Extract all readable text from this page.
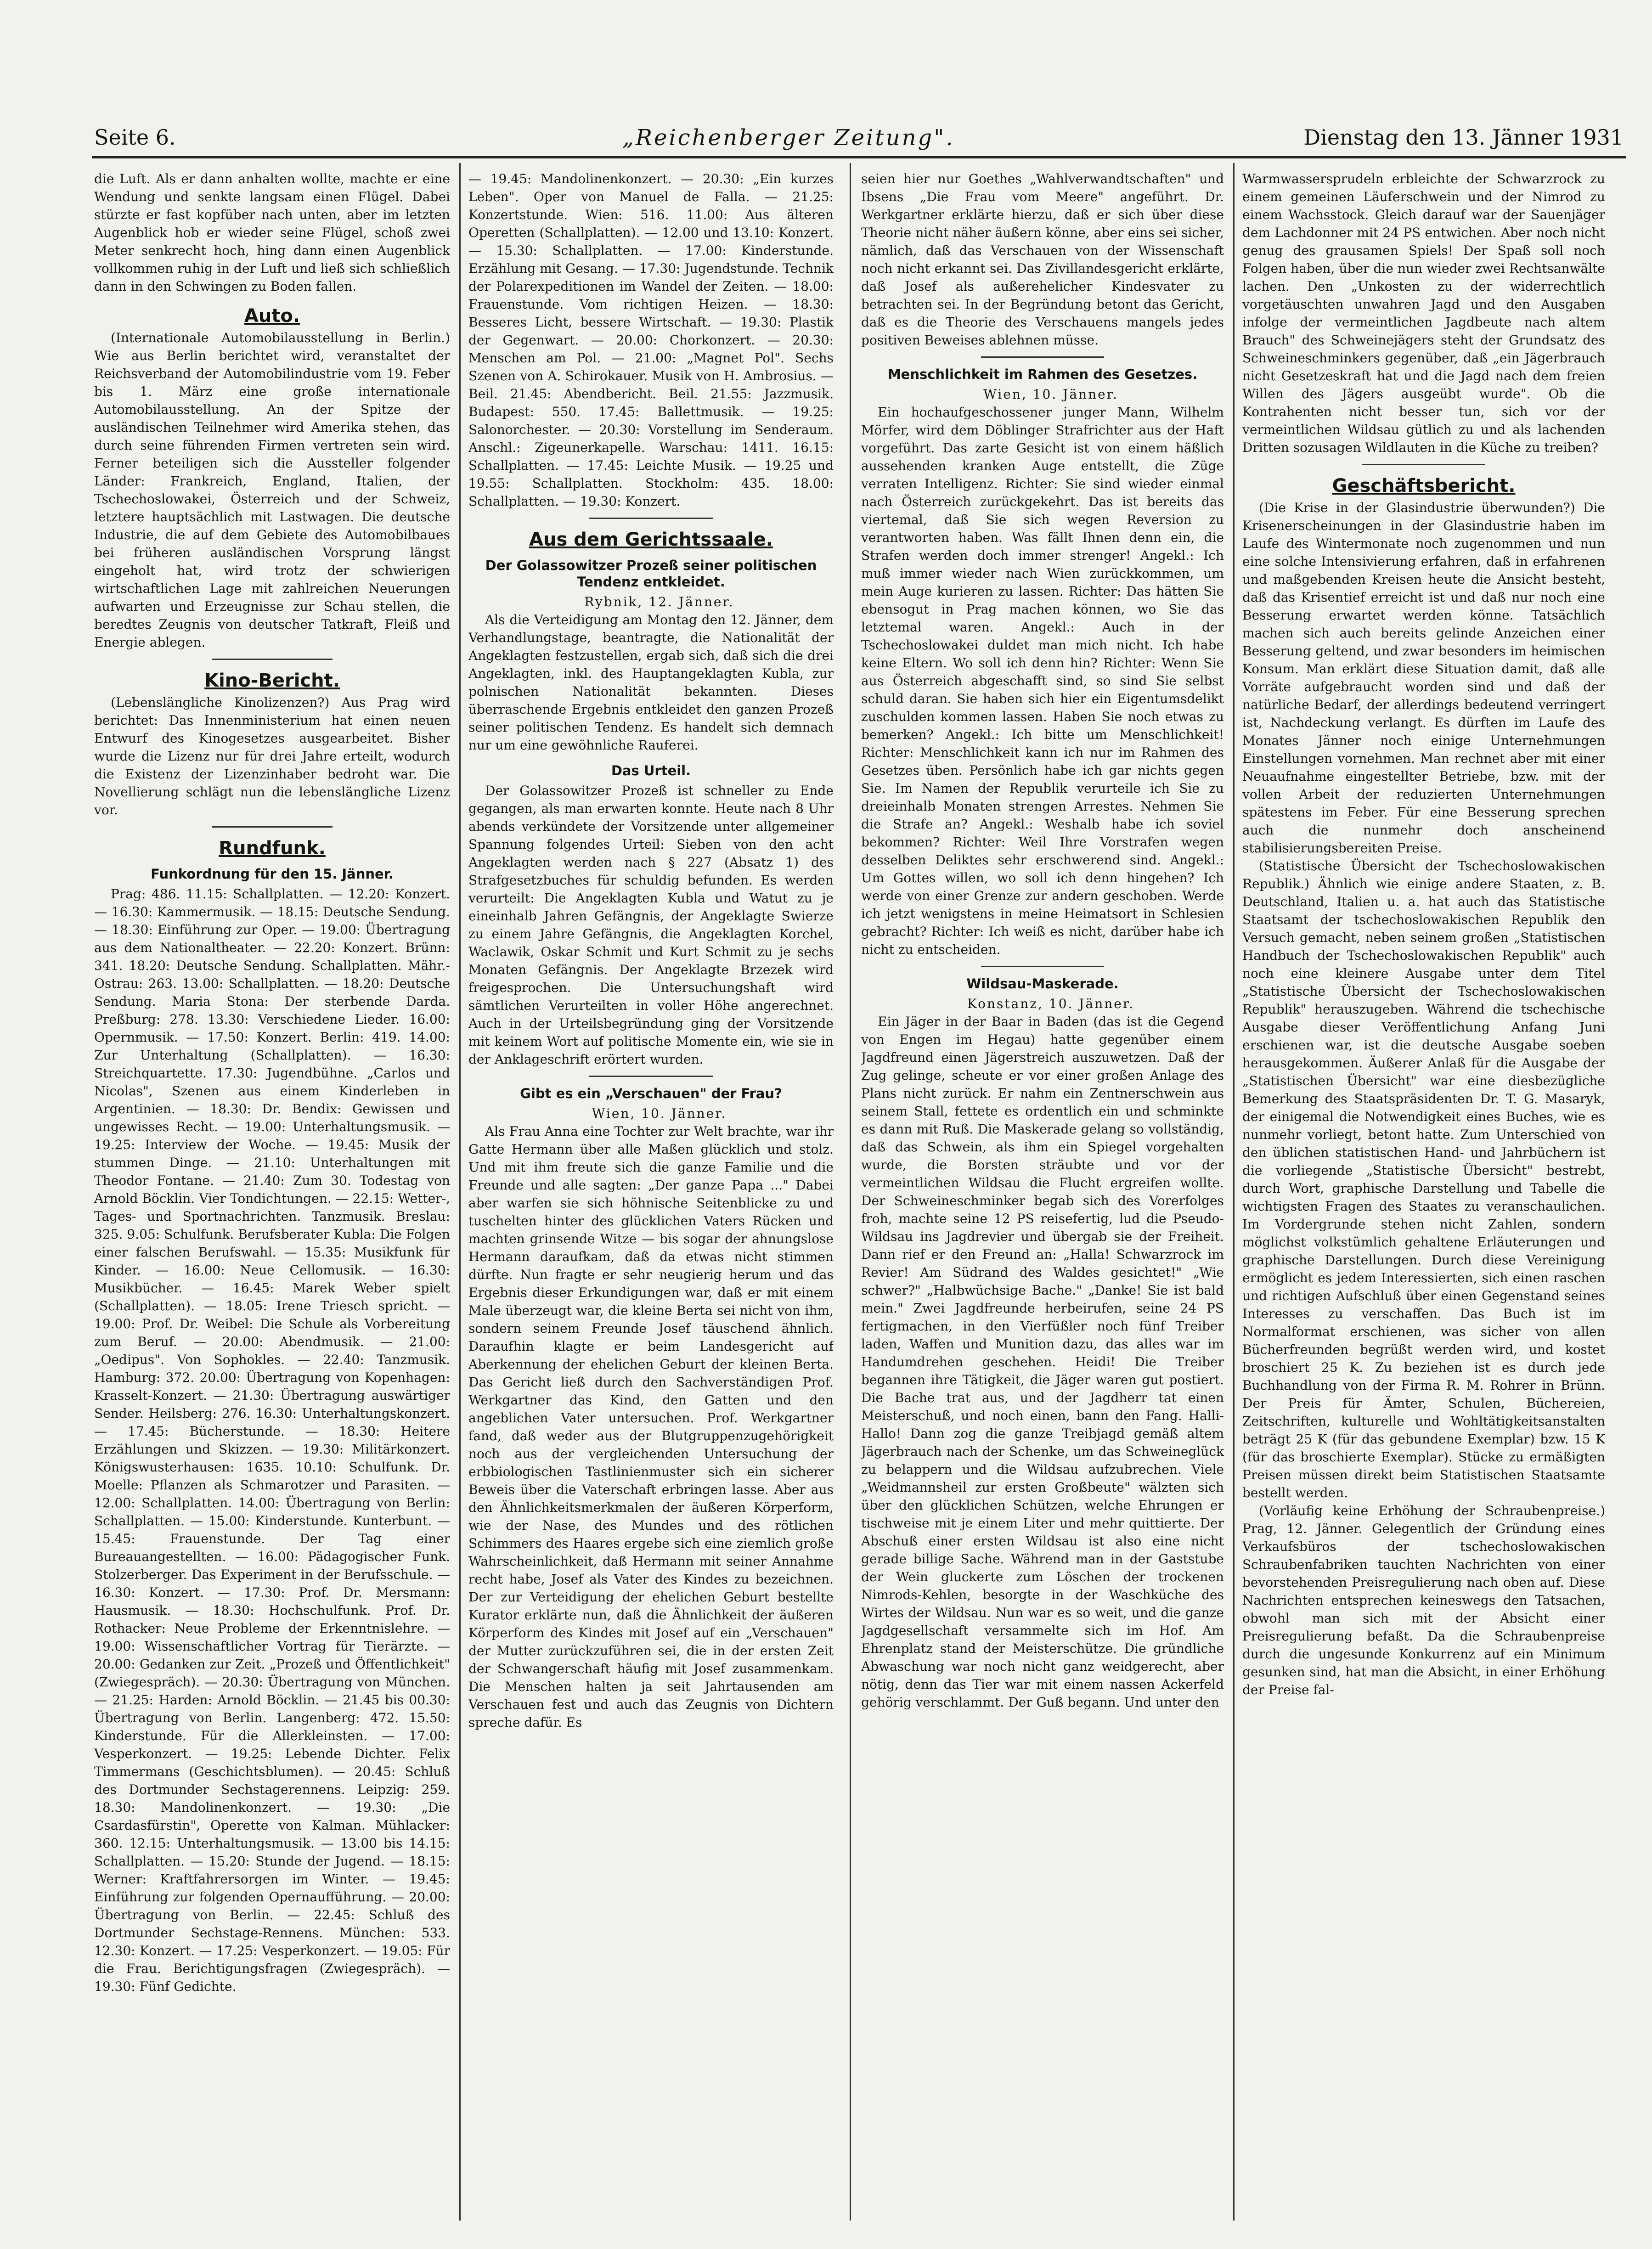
Seite 6.	„Reichenberger Zeitung".	Dienstag den 13. Jänner 1931

die Luft. Als er dann anhalten wollte, machte er eine Wendung und senkte langsam einen Flügel. Dabei stürzte er fast kopfüber nach unten, aber im letzten Augenblick hob er wieder seine Flügel, schoß zwei Meter senkrecht hoch, hing dann einen Augenblick vollkommen ruhig in der Luft und ließ sich schließlich dann in den Schwingen zu Boden fallen.

Auto.

(Internationale Automobilausstellung in Berlin.) Wie aus Berlin berichtet wird, veranstaltet der Reichsverband der Automobilindustrie vom 19. Feber bis 1. März eine große internationale Automobilausstellung. An der Spitze der ausländischen Teilnehmer wird Amerika stehen, das durch seine führenden Firmen vertreten sein wird. Ferner beteiligen sich die Aussteller folgender Länder: Frankreich, England, Italien, der Tschechoslowakei, Österreich und der Schweiz, letztere hauptsächlich mit Lastwagen. Die deutsche Industrie, die auf dem Gebiete des Automobilbaues bei früheren ausländischen Vorsprung längst eingeholt hat, wird trotz der schwierigen wirtschaftlichen Lage mit zahlreichen Neuerungen aufwarten und Erzeugnisse zur Schau stellen, die beredtes Zeugnis von deutscher Tatkraft, Fleiß und Energie ablegen.

Kino-Bericht.

(Lebenslängliche Kinolizenzen?) Aus Prag wird berichtet: Das Innenministerium hat einen neuen Entwurf des Kinogesetzes ausgearbeitet. Bisher wurde die Lizenz nur für drei Jahre erteilt, wodurch die Existenz der Lizenzinhaber bedroht war. Die Novellierung schlägt nun die lebenslängliche Lizenz vor.

Rundfunk.
Funkordnung für den 15. Jänner.

Prag: 486. 11.15: Schallplatten. — 12.20: Konzert. — 16.30: Kammermusik. — 18.15: Deutsche Sendung. — 18.30: Einführung zur Oper. — 19.00: Übertragung aus dem Nationaltheater. — 22.20: Konzert. Brünn: 341. 18.20: Deutsche Sendung. Schallplatten. Mähr.-Ostrau: 263. 13.00: Schallplatten. — 18.20: Deutsche Sendung. Maria Stona: Der sterbende Darda. Preßburg: 278. 13.30: Verschiedene Lieder. 16.00: Opernmusik. — 17.50: Konzert. Berlin: 419. 14.00: Zur Unterhaltung (Schallplatten). — 16.30: Streichquartette. 17.30: Jugendbühne. „Carlos und Nicolas", Szenen aus einem Kinderleben in Argentinien. — 18.30: Dr. Bendix: Gewissen und ungewisses Recht. — 19.00: Unterhaltungsmusik. — 19.25: Interview der Woche. — 19.45: Musik der stummen Dinge. — 21.10: Unterhaltungen mit Theodor Fontane. — 21.40: Zum 30. Todestag von Arnold Böcklin. Vier Tondichtungen. — 22.15: Wetter-, Tages- und Sportnachrichten. Tanzmusik. Breslau: 325. 9.05: Schulfunk. Berufsberater Kubla: Die Folgen einer falschen Berufswahl. — 15.35: Musikfunk für Kinder. — 16.00: Neue Cellomusik. — 16.30: Musikbücher. — 16.45: Marek Weber spielt (Schallplatten). — 18.05: Irene Triesch spricht. — 19.00: Prof. Dr. Weibel: Die Schule als Vorbereitung zum Beruf. — 20.00: Abendmusik. — 21.00: „Oedipus". Von Sophokles. — 22.40: Tanzmusik. Hamburg: 372. 20.00: Übertragung von Kopenhagen: Krasselt-Konzert. — 21.30: Übertragung auswärtiger Sender. Heilsberg: 276. 16.30: Unterhaltungskonzert. — 17.45: Bücherstunde. — 18.30: Heitere Erzählungen und Skizzen. — 19.30: Militärkonzert. Königswusterhausen: 1635. 10.10: Schulfunk. Dr. Moelle: Pflanzen als Schmarotzer und Parasiten. — 12.00: Schallplatten. 14.00: Übertragung von Berlin: Schallplatten. — 15.00: Kinderstunde. Kunterbunt. — 15.45: Frauenstunde. Der Tag einer Bureauangestellten. — 16.00: Pädagogischer Funk. Stolzerberger. Das Experiment in der Berufsschule. — 16.30: Konzert. — 17.30: Prof. Dr. Mersmann: Hausmusik. — 18.30: Hochschulfunk. Prof. Dr. Rothacker: Neue Probleme der Erkenntnislehre. — 19.00: Wissenschaftlicher Vortrag für Tierärzte. — 20.00: Gedanken zur Zeit. „Prozeß und Öffentlichkeit" (Zwiegespräch). — 20.30: Übertragung von München. — 21.25: Harden: Arnold Böcklin. — 21.45 bis 00.30: Übertragung von Berlin. Langenberg: 472. 15.50: Kinderstunde. Für die Allerkleinsten. — 17.00: Vesperkonzert. — 19.25: Lebende Dichter. Felix Timmermans (Geschichtsblumen). — 20.45: Schluß des Dortmunder Sechstagerennens. Leipzig: 259. 18.30: Mandolinenkonzert. — 19.30: „Die Csardasfürstin", Operette von Kalman. Mühlacker: 360. 12.15: Unterhaltungsmusik. — 13.00 bis 14.15: Schallplatten. — 15.20: Stunde der Jugend. — 18.15: Werner: Kraftfahrersorgen im Winter. — 19.45: Einführung zur folgenden Opernaufführung. — 20.00: Übertragung von Berlin. — 22.45: Schluß des Dortmunder Sechstage-Rennens. München: 533. 12.30: Konzert. — 17.25: Vesperkonzert. — 19.05: Für die Frau. Berichtigungsfragen (Zwiegespräch). — 19.30: Fünf Gedichte.

— 19.45: Mandolinenkonzert. — 20.30: „Ein kurzes Leben". Oper von Manuel de Falla. — 21.25: Konzertstunde. Wien: 516. 11.00: Aus älteren Operetten (Schallplatten). — 12.00 und 13.10: Konzert. — 15.30: Schallplatten. — 17.00: Kinderstunde. Erzählung mit Gesang. — 17.30: Jugendstunde. Technik der Polarexpeditionen im Wandel der Zeiten. — 18.00: Frauenstunde. Vom richtigen Heizen. — 18.30: Besseres Licht, bessere Wirtschaft. — 19.30: Plastik der Gegenwart. — 20.00: Chorkonzert. — 20.30: Menschen am Pol. — 21.00: „Magnet Pol". Sechs Szenen von A. Schirokauer. Musik von H. Ambrosius. — Beil. 21.45: Abendbericht. Beil. 21.55: Jazzmusik. Budapest: 550. 17.45: Ballettmusik. — 19.25: Salonorchester. — 20.30: Vorstellung im Senderaum. Anschl.: Zigeunerkapelle. Warschau: 1411. 16.15: Schallplatten. — 17.45: Leichte Musik. — 19.25 und 19.55: Schallplatten. Stockholm: 435. 18.00: Schallplatten. — 19.30: Konzert.

Aus dem Gerichtssaale.
Der Golassowitzer Prozeß seiner politischen Tendenz entkleidet.

Rybnik, 12. Jänner.

Als die Verteidigung am Montag den 12. Jänner, dem Verhandlungstage, beantragte, die Nationalität der Angeklagten festzustellen, ergab sich, daß sich die drei Angeklagten, inkl. des Hauptangeklagten Kubla, zur polnischen Nationalität bekannten. Dieses überraschende Ergebnis entkleidet den ganzen Prozeß seiner politischen Tendenz. Es handelt sich demnach nur um eine gewöhnliche Rauferei.

Das Urteil.

Der Golassowitzer Prozeß ist schneller zu Ende gegangen, als man erwarten konnte. Heute nach 8 Uhr abends verkündete der Vorsitzende unter allgemeiner Spannung folgendes Urteil: Sieben von den acht Angeklagten werden nach § 227 (Absatz 1) des Strafgesetzbuches für schuldig befunden. Es werden verurteilt: Die Angeklagten Kubla und Watut zu je eineinhalb Jahren Gefängnis, der Angeklagte Swierze zu einem Jahre Gefängnis, die Angeklagten Korchel, Waclawik, Oskar Schmit und Kurt Schmit zu je sechs Monaten Gefängnis. Der Angeklagte Brzezek wird freigesprochen. Die Untersuchungshaft wird sämtlichen Verurteilten in voller Höhe angerechnet. Auch in der Urteilsbegründung ging der Vorsitzende mit keinem Wort auf politische Momente ein, wie sie in der Anklageschrift erörtert wurden.

Gibt es ein „Verschauen" der Frau?

Wien, 10. Jänner.

Als Frau Anna eine Tochter zur Welt brachte, war ihr Gatte Hermann über alle Maßen glücklich und stolz. Und mit ihm freute sich die ganze Familie und die Freunde und alle sagten: „Der ganze Papa ..." Dabei aber warfen sie sich höhnische Seitenblicke zu und tuschelten hinter des glücklichen Vaters Rücken und machten grinsende Witze — bis sogar der ahnungslose Hermann daraufkam, daß da etwas nicht stimmen dürfte. Nun fragte er sehr neugierig herum und das Ergebnis dieser Erkundigungen war, daß er mit einem Male überzeugt war, die kleine Berta sei nicht von ihm, sondern seinem Freunde Josef täuschend ähnlich. Daraufhin klagte er beim Landesgericht auf Aberkennung der ehelichen Geburt der kleinen Berta. Das Gericht ließ durch den Sachverständigen Prof. Werkgartner das Kind, den Gatten und den angeblichen Vater untersuchen. Prof. Werkgartner fand, daß weder aus der Blutgruppenzugehörigkeit noch aus der vergleichenden Untersuchung der erbbiologischen Tastlinienmuster sich ein sicherer Beweis über die Vaterschaft erbringen lasse. Aber aus den Ähnlichkeitsmerkmalen der äußeren Körperform, wie der Nase, des Mundes und des rötlichen Schimmers des Haares ergebe sich eine ziemlich große Wahrscheinlichkeit, daß Hermann mit seiner Annahme recht habe, Josef als Vater des Kindes zu bezeichnen. Der zur Verteidigung der ehelichen Geburt bestellte Kurator erklärte nun, daß die Ähnlichkeit der äußeren Körperform des Kindes mit Josef auf ein „Verschauen" der Mutter zurückzuführen sei, die in der ersten Zeit der Schwangerschaft häufig mit Josef zusammenkam. Die Menschen halten ja seit Jahrtausenden am Verschauen fest und auch das Zeugnis von Dichtern spreche dafür. Es

seien hier nur Goethes „Wahlverwandtschaften" und Ibsens „Die Frau vom Meere" angeführt. Dr. Werkgartner erklärte hierzu, daß er sich über diese Theorie nicht näher äußern könne, aber eins sei sicher, nämlich, daß das Verschauen von der Wissenschaft noch nicht erkannt sei. Das Zivillandesgericht erklärte, daß Josef als außerehelicher Kindesvater zu betrachten sei. In der Begründung betont das Gericht, daß es die Theorie des Verschauens mangels jedes positiven Beweises ablehnen müsse.

Menschlichkeit im Rahmen des Gesetzes.

Wien, 10. Jänner.

Ein hochaufgeschossener junger Mann, Wilhelm Mörfer, wird dem Döblinger Strafrichter aus der Haft vorgeführt. Das zarte Gesicht ist von einem häßlich aussehenden kranken Auge entstellt, die Züge verraten Intelligenz. Richter: Sie sind wieder einmal nach Österreich zurückgekehrt. Das ist bereits das viertemal, daß Sie sich wegen Reversion zu verantworten haben. Was fällt Ihnen denn ein, die Strafen werden doch immer strenger! Angekl.: Ich muß immer wieder nach Wien zurückkommen, um mein Auge kurieren zu lassen. Richter: Das hätten Sie ebensogut in Prag machen können, wo Sie das letztemal waren. Angekl.: Auch in der Tschechoslowakei duldet man mich nicht. Ich habe keine Eltern. Wo soll ich denn hin? Richter: Wenn Sie aus Österreich abgeschafft sind, so sind Sie selbst schuld daran. Sie haben sich hier ein Eigentumsdelikt zuschulden kommen lassen. Haben Sie noch etwas zu bemerken? Angekl.: Ich bitte um Menschlichkeit! Richter: Menschlichkeit kann ich nur im Rahmen des Gesetzes üben. Persönlich habe ich gar nichts gegen Sie. Im Namen der Republik verurteile ich Sie zu dreieinhalb Monaten strengen Arrestes. Nehmen Sie die Strafe an? Angekl.: Weshalb habe ich soviel bekommen? Richter: Weil Ihre Vorstrafen wegen desselben Deliktes sehr erschwerend sind. Angekl.: Um Gottes willen, wo soll ich denn hingehen? Ich werde von einer Grenze zur andern geschoben. Werde ich jetzt wenigstens in meine Heimatsort in Schlesien gebracht? Richter: Ich weiß es nicht, darüber habe ich nicht zu entscheiden.

Wildsau-Maskerade.

Konstanz, 10. Jänner.

Ein Jäger in der Baar in Baden (das ist die Gegend von Engen im Hegau) hatte gegenüber einem Jagdfreund einen Jägerstreich auszuwetzen. Daß der Zug gelinge, scheute er vor einer großen Anlage des Plans nicht zurück. Er nahm ein Zentnerschwein aus seinem Stall, fettete es ordentlich ein und schminkte es dann mit Ruß. Die Maskerade gelang so vollständig, daß das Schwein, als ihm ein Spiegel vorgehalten wurde, die Borsten sträubte und vor der vermeintlichen Wildsau die Flucht ergreifen wollte. Der Schweineschminker begab sich des Vorerfolges froh, machte seine 12 PS reisefertig, lud die Pseudo-Wildsau ins Jagdrevier und übergab sie der Freiheit. Dann rief er den Freund an: „Halla! Schwarzrock im Revier! Am Südrand des Waldes gesichtet!" „Wie schwer?" „Halbwüchsige Bache." „Danke! Sie ist bald mein." Zwei Jagdfreunde herbeirufen, seine 24 PS fertigmachen, in den Vierfüßler noch fünf Treiber laden, Waffen und Munition dazu, das alles war im Handumdrehen geschehen. Heidi! Die Treiber begannen ihre Tätigkeit, die Jäger waren gut postiert. Die Bache trat aus, und der Jagdherr tat einen Meisterschuß, und noch einen, bann den Fang. Halli-Hallo! Dann zog die ganze Treibjagd gemäß altem Jägerbrauch nach der Schenke, um das Schweineglück zu belappern und die Wildsau aufzubrechen. Viele „Weidmannsheil zur ersten Großbeute" wälzten sich über den glücklichen Schützen, welche Ehrungen er tischweise mit je einem Liter und mehr quittierte. Der Abschuß einer ersten Wildsau ist also eine nicht gerade billige Sache. Während man in der Gaststube der Wein gluckerte zum Löschen der trockenen Nimrods-Kehlen, besorgte in der Waschküche des Wirtes der Wildsau. Nun war es so weit, und die ganze Jagdgesellschaft versammelte sich im Hof. Am Ehrenplatz stand der Meisterschütze. Die gründliche Abwaschung war noch nicht ganz weidgerecht, aber nötig, denn das Tier war mit einem nassen Ackerfeld gehörig verschlammt. Der Guß begann. Und unter den

Warmwassersprudeln erbleichte der Schwarzrock zu einem gemeinen Läuferschwein und der Nimrod zu einem Wachsstock. Gleich darauf war der Sauenjäger dem Lachdonner mit 24 PS entwichen. Aber noch nicht genug des grausamen Spiels! Der Spaß soll noch Folgen haben, über die nun wieder zwei Rechtsanwälte lachen. Den „Unkosten zu der widerrechtlich vorgetäuschten unwahren Jagd und den Ausgaben infolge der vermeintlichen Jagdbeute nach altem Brauch" des Schweinejägers steht der Grundsatz des Schweineschminkers gegenüber, daß „ein Jägerbrauch nicht Gesetzeskraft hat und die Jagd nach dem freien Willen des Jägers ausgeübt wurde". Ob die Kontrahenten nicht besser tun, sich vor der vermeintlichen Wildsau gütlich zu und als lachenden Dritten sozusagen Wildlauten in die Küche zu treiben?

Geschäftsbericht.

(Die Krise in der Glasindustrie überwunden?) Die Krisenerscheinungen in der Glasindustrie haben im Laufe des Wintermonate noch zugenommen und nun eine solche Intensivierung erfahren, daß in erfahrenen und maßgebenden Kreisen heute die Ansicht besteht, daß das Krisentief erreicht ist und daß nur noch eine Besserung erwartet werden könne. Tatsächlich machen sich auch bereits gelinde Anzeichen einer Besserung geltend, und zwar besonders im heimischen Konsum. Man erklärt diese Situation damit, daß alle Vorräte aufgebraucht worden sind und daß der natürliche Bedarf, der allerdings bedeutend verringert ist, Nachdeckung verlangt. Es dürften im Laufe des Monates Jänner noch einige Unternehmungen Einstellungen vornehmen. Man rechnet aber mit einer Neuaufnahme eingestellter Betriebe, bzw. mit der vollen Arbeit der reduzierten Unternehmungen spätestens im Feber. Für eine Besserung sprechen auch die nunmehr doch anscheinend stabilisierungsbereiten Preise.

(Statistische Übersicht der Tschechoslowakischen Republik.) Ähnlich wie einige andere Staaten, z. B. Deutschland, Italien u. a. hat auch das Statistische Staatsamt der tschechoslowakischen Republik den Versuch gemacht, neben seinem großen „Statistischen Handbuch der Tschechoslowakischen Republik" auch noch eine kleinere Ausgabe unter dem Titel „Statistische Übersicht der Tschechoslowakischen Republik" herauszugeben. Während die tschechische Ausgabe dieser Veröffentlichung Anfang Juni erschienen war, ist die deutsche Ausgabe soeben herausgekommen. Äußerer Anlaß für die Ausgabe der „Statistischen Übersicht" war eine diesbezügliche Bemerkung des Staatspräsidenten Dr. T. G. Masaryk, der einigemal die Notwendigkeit eines Buches, wie es nunmehr vorliegt, betont hatte. Zum Unterschied von den üblichen statistischen Hand- und Jahrbüchern ist die vorliegende „Statistische Übersicht" bestrebt, durch Wort, graphische Darstellung und Tabelle die wichtigsten Fragen des Staates zu veranschaulichen. Im Vordergrunde stehen nicht Zahlen, sondern möglichst volkstümlich gehaltene Erläuterungen und graphische Darstellungen. Durch diese Vereinigung ermöglicht es jedem Interessierten, sich einen raschen und richtigen Aufschluß über einen Gegenstand seines Interesses zu verschaffen. Das Buch ist im Normalformat erschienen, was sicher von allen Bücherfreunden begrüßt werden wird, und kostet broschiert 25 K. Zu beziehen ist es durch jede Buchhandlung von der Firma R. M. Rohrer in Brünn. Der Preis für Ämter, Schulen, Büchereien, Zeitschriften, kulturelle und Wohltätigkeitsanstalten beträgt 25 K (für das gebundene Exemplar) bzw. 15 K (für das broschierte Exemplar). Stücke zu ermäßigten Preisen müssen direkt beim Statistischen Staatsamte bestellt werden.

(Vorläufig keine Erhöhung der Schraubenpreise.) Prag, 12. Jänner. Gelegentlich der Gründung eines Verkaufsbüros der tschechoslowakischen Schraubenfabriken tauchten Nachrichten von einer bevorstehenden Preisregulierung nach oben auf. Diese Nachrichten entsprechen keineswegs den Tatsachen, obwohl man sich mit der Absicht einer Preisregulierung befaßt. Da die Schraubenpreise durch die ungesunde Konkurrenz auf ein Minimum gesunken sind, hat man die Absicht, in einer Erhöhung der Preise fal-
